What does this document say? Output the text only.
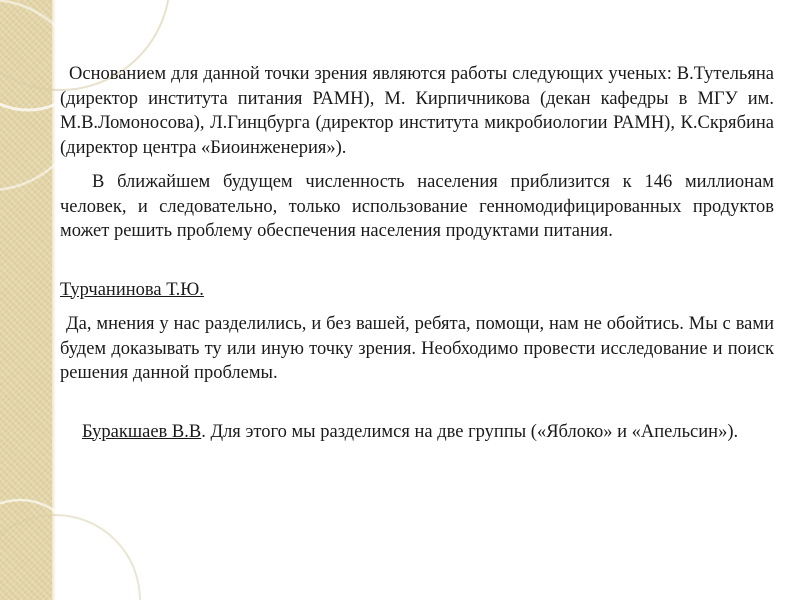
Основанием для данной точки зрения являются работы следующих ученых: В.Тутельяна (директор института питания РАМН), М. Кирпичникова (декан кафедры в МГУ им. М.В.Ломоносова), Л.Гинцбурга (директор института микробиологии РАМН), К.Скрябина (директор центра «Биоинженерия»).

В ближайшем будущем численность населения приблизится к 146 миллионам человек, и следовательно, только использование генномодифицированных продуктов может решить проблему обеспечения населения продуктами питания.

Турчанинова Т.Ю.

Да, мнения у нас разделились, и без вашей, ребята, помощи, нам не обойтись. Мы с вами будем доказывать ту или иную точку зрения. Необходимо провести исследование и поиск решения данной проблемы.

Буракшаев В.В. Для этого мы разделимся на две группы («Яблоко» и «Апельсин»).
